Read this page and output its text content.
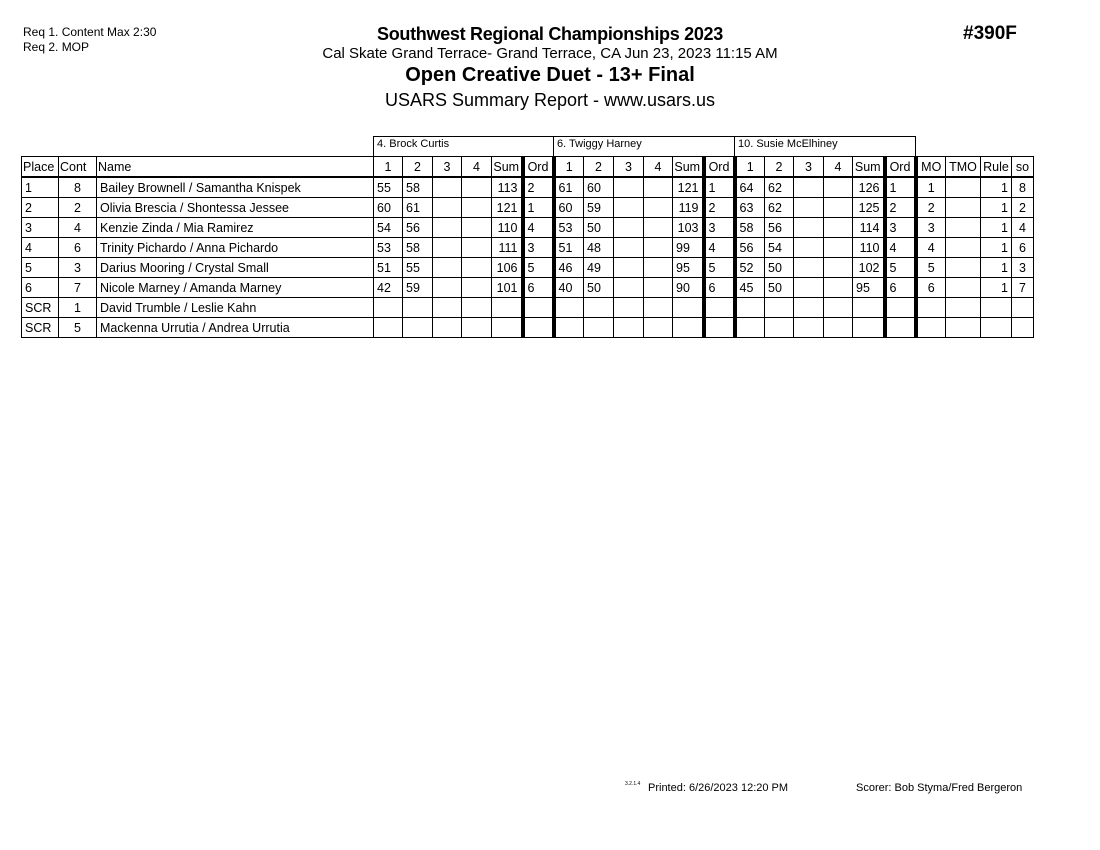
Req 1. Content Max 2:30
Req 2. MOP
Southwest Regional Championships 2023
Cal Skate Grand Terrace- Grand Terrace, CA Jun 23, 2023 11:15 AM
Open Creative Duet - 13+ Final
USARS Summary Report - www.usars.us
#390F
			4. Brock Curtis						6. Twiggy Harney						10. Susie McElhiney									
Place	Cont	Name	1	2	3	4	Sum	Ord	1	2	3	4	Sum	Ord	1	2	3	4	Sum	Ord	MO	TMO	Rule	so
1	8	Bailey Brownell / Samantha Knispek	55	58			113	2	61	60			121	1	64	62			126	1	1		1	8
2	2	Olivia Brescia / Shontessa Jessee	60	61			121	1	60	59			119	2	63	62			125	2	2		1	2
3	4	Kenzie Zinda / Mia Ramirez	54	56			110	4	53	50			103	3	58	56			114	3	3		1	4
4	6	Trinity Pichardo / Anna Pichardo	53	58			111	3	51	48			99	4	56	54			110	4	4		1	6
5	3	Darius Mooring / Crystal Small	51	55			106	5	46	49			95	5	52	50			102	5	5		1	3
6	7	Nicole Marney / Amanda Marney	42	59			101	6	40	50			90	6	45	50			95	6	6		1	7
SCR	1	David Trumble / Leslie Kahn																						
SCR	5	Mackenna Urrutia / Andrea Urrutia																						
3.2.1.4 Printed: 6/26/2023 12:20 PM	Scorer: Bob Styma/Fred Bergeron
